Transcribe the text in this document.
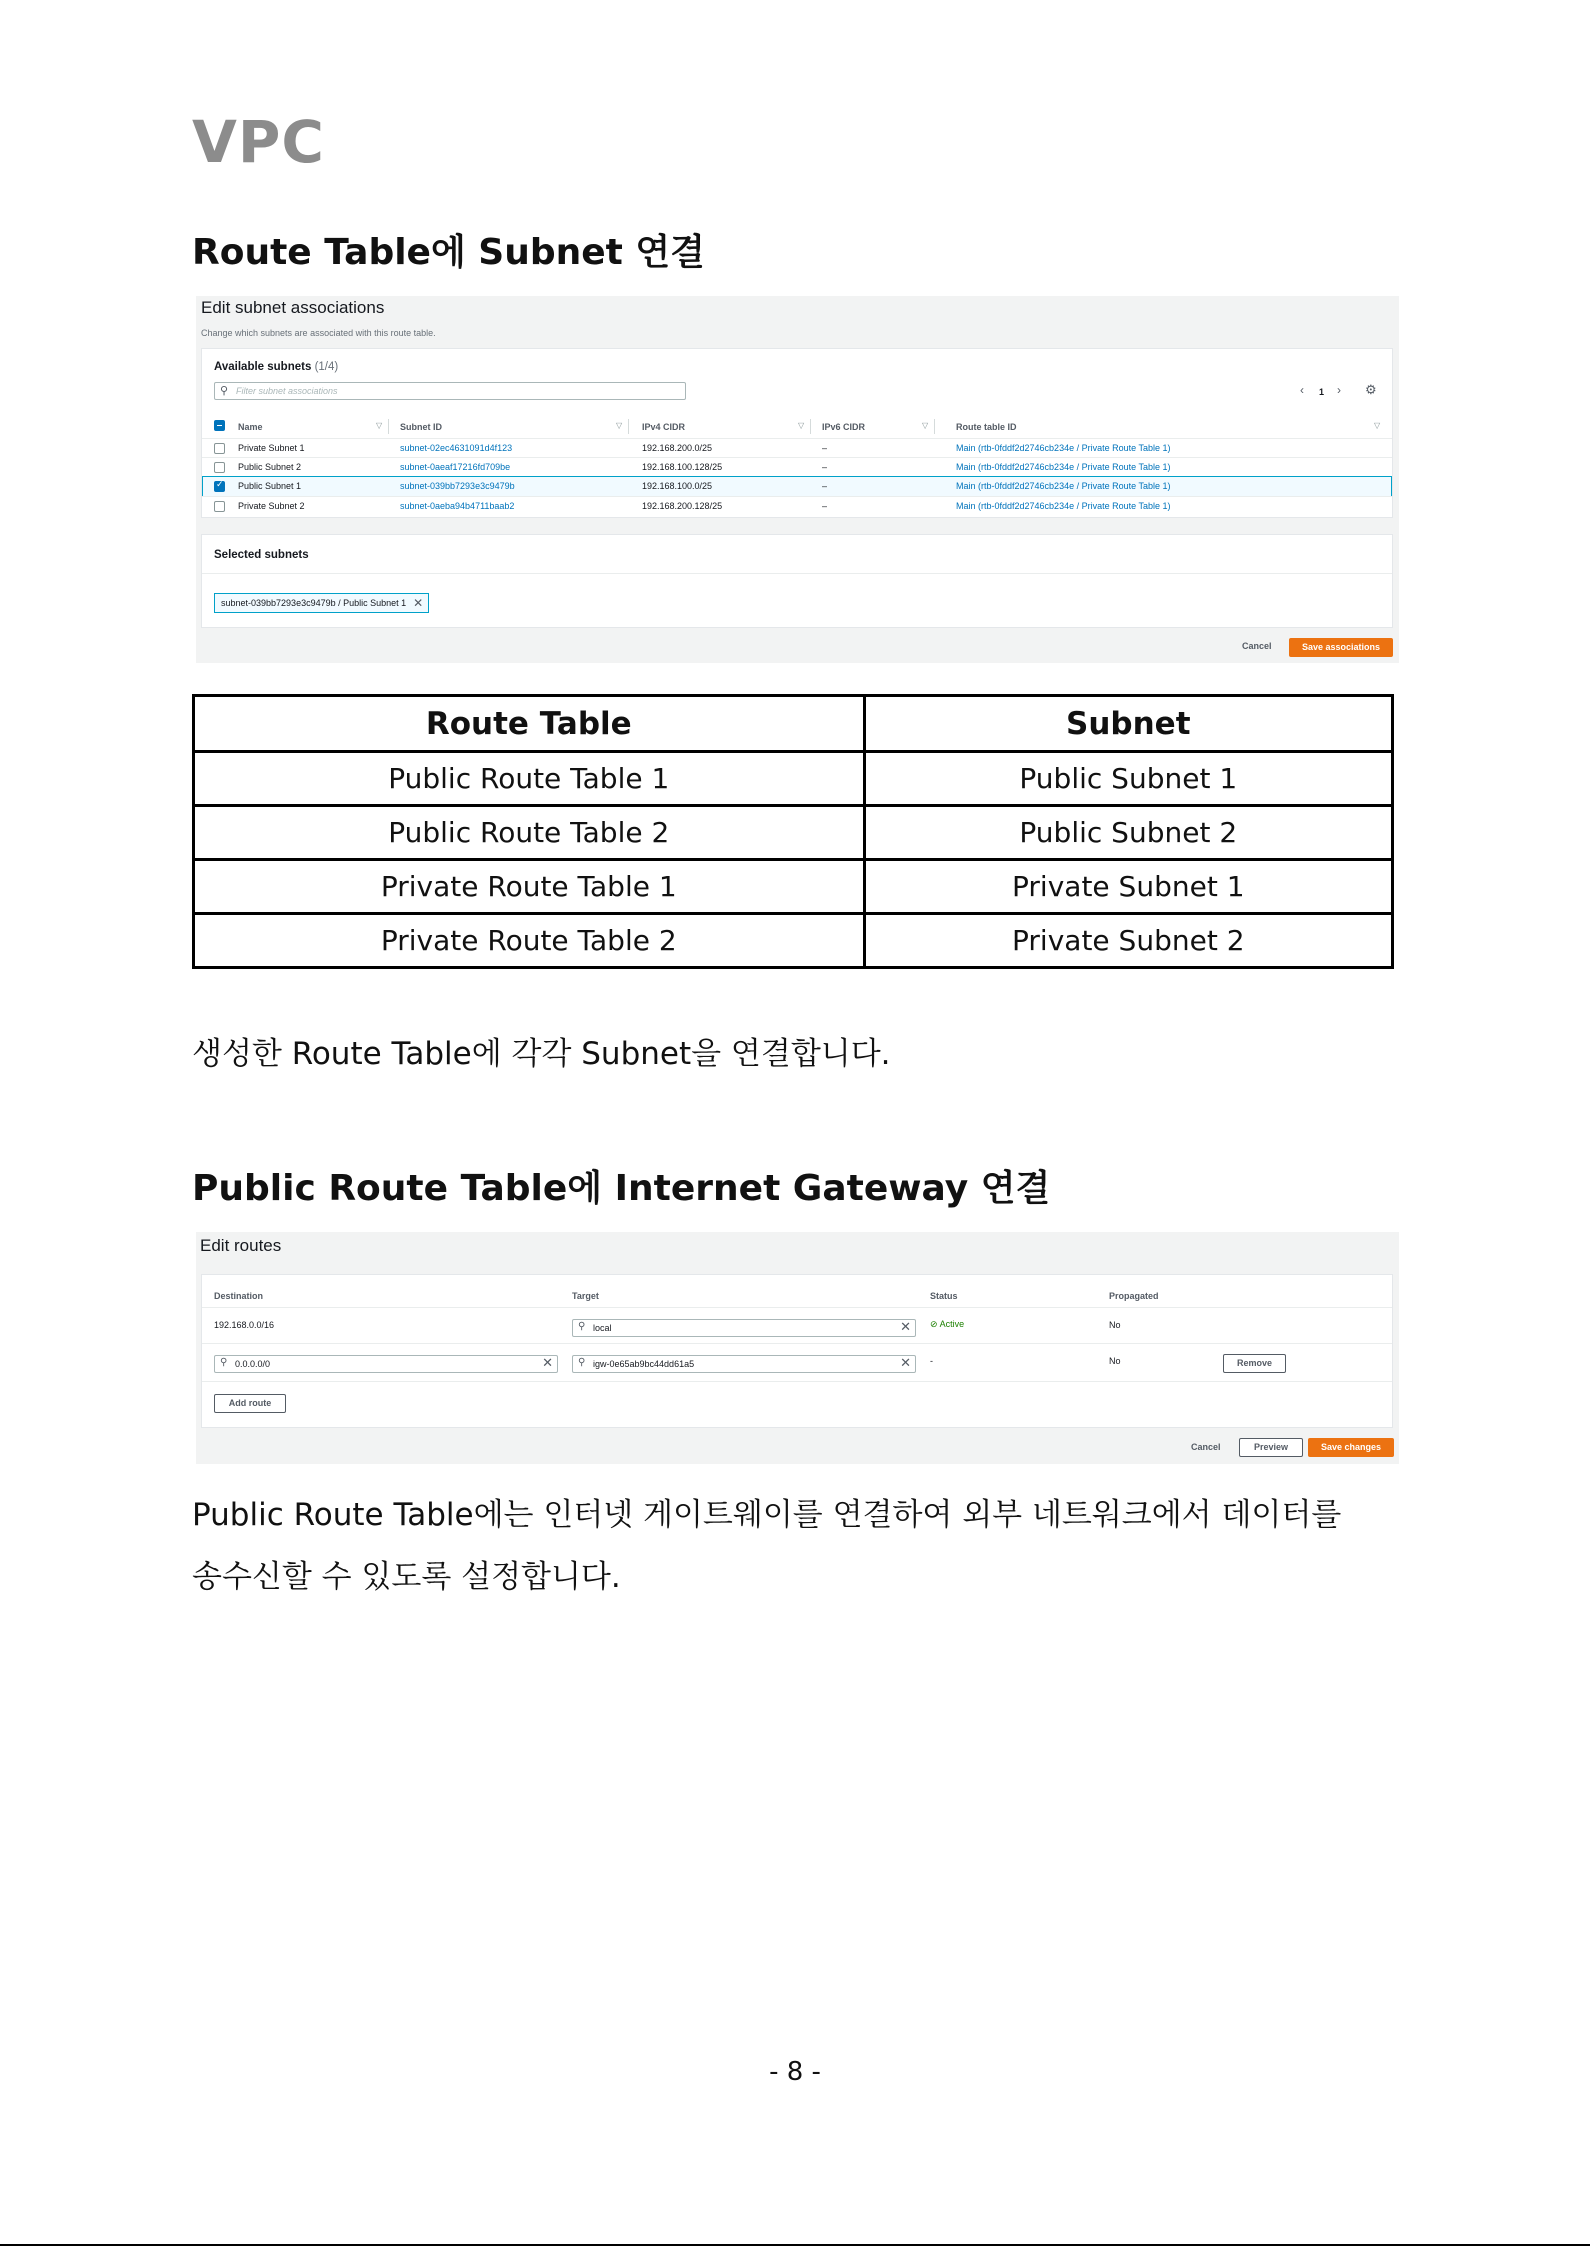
VPC
Route Table에 Subnet 연결
Edit subnet associations
Change which subnets are associated with this route table.
Available subnets (1/4)
⚲ Filter subnet associations	‹ 1 › ⚙
Name	▽ Subnet ID	▽ IPv4 CIDR	▽ IPv6 CIDR	▽	Route table ID	▽
Private Subnet 1	subnet-02ec4631091d4f123	192.168.200.0/25	–	Main (rtb-0fddf2d2746cb234e / Private Route Table 1)
Public Subnet 2	subnet-0aeaf17216fd709be	192.168.100.128/25	–	Main (rtb-0fddf2d2746cb234e / Private Route Table 1)
✓
Public Subnet 1	subnet-039bb7293e3c9479b	192.168.100.0/25	–	Main (rtb-0fddf2d2746cb234e / Private Route Table 1)
Private Subnet 2	subnet-0aeba94b4711baab2	192.168.200.128/25	–	Main (rtb-0fddf2d2746cb234e / Private Route Table 1)
Selected subnets
subnet-039bb7293e3c9479b / Public Subnet 1 ✕
Cancel	Save associations
Route Table	Subnet
Public Route Table 1	Public Subnet 1
Public Route Table 2	Public Subnet 2
Private Route Table 1	Private Subnet 1
Private Route Table 2	Private Subnet 2
생성한 Route Table에 각각 Subnet을 연결합니다.
Public Route Table에 Internet Gateway 연결
Edit routes
Destination	Target	Status	Propagated
192.168.0.0/16	⚲ local	✕ ⊘ Active	No
⚲ 0.0.0.0/0	✕	⚲ igw-0e65ab9bc44dd61a5	✕ -	No	Remove
Add route
Cancel	Preview	Save changes
Public Route Table에는 인터넷 게이트웨이를 연결하여 외부 네트워크에서 데이터를
송수신할 수 있도록 설정합니다.
- 8 -
